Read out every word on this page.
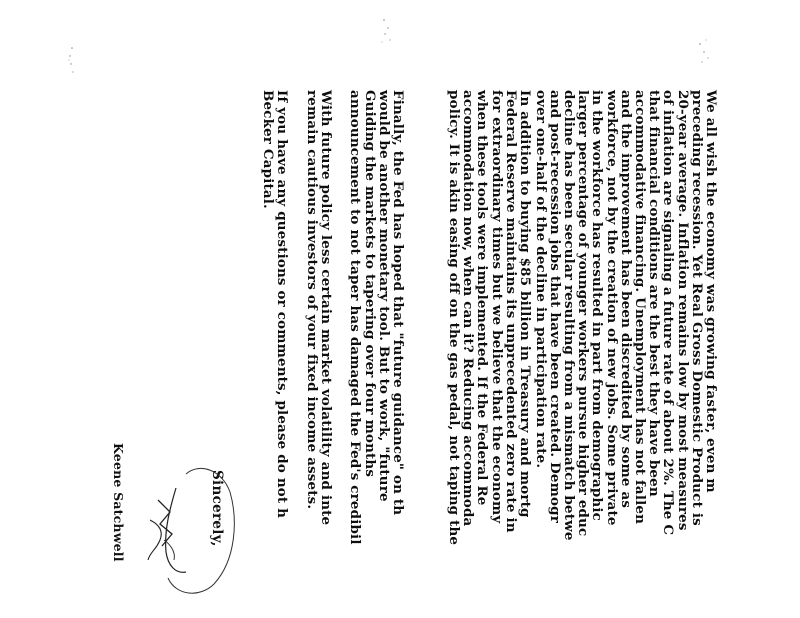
We all wish the economy was growing faster, even m
preceding recession. Yet Real Gross Domestic Product is
20-year average. Inflation remains low by most measures
of inflation are signaling a future rate of about 2%. The C
that financial conditions are the best they have been
accommodative financing. Unemployment has not fallen
and the improvement has been discredited by some as
workforce, not by the creation of new jobs. Some private
in the workforce has resulted in part from demographic
larger percentage of younger workers pursue higher educ
decline has been secular resulting from a mismatch betwe
and post-recession jobs that have been created. Demogr
over one-half of the decline in participation rate.
In addition to buying $85 billion in Treasury and mortg
Federal Reserve maintains its unprecedented zero rate in
for extraordinary times but we believe that the economy
when these tools were implemented. If the Federal Re
accommodation now, when can it? Reducing accommoda
policy. It is akin easing off on the gas pedal, not taping the
Finally, the Fed has hoped that "future guidance" on th
would be another monetary tool. But to work, "future
Guiding the markets to tapering over four months
announcement to not taper has damaged the Fed's credibil
With future policy less certain market volatility and inte
remain cautious investors of your fixed income assets.
If you have any questions or comments, please do not h
Becker Capital.
Sincerely,
Keene Satchwell
